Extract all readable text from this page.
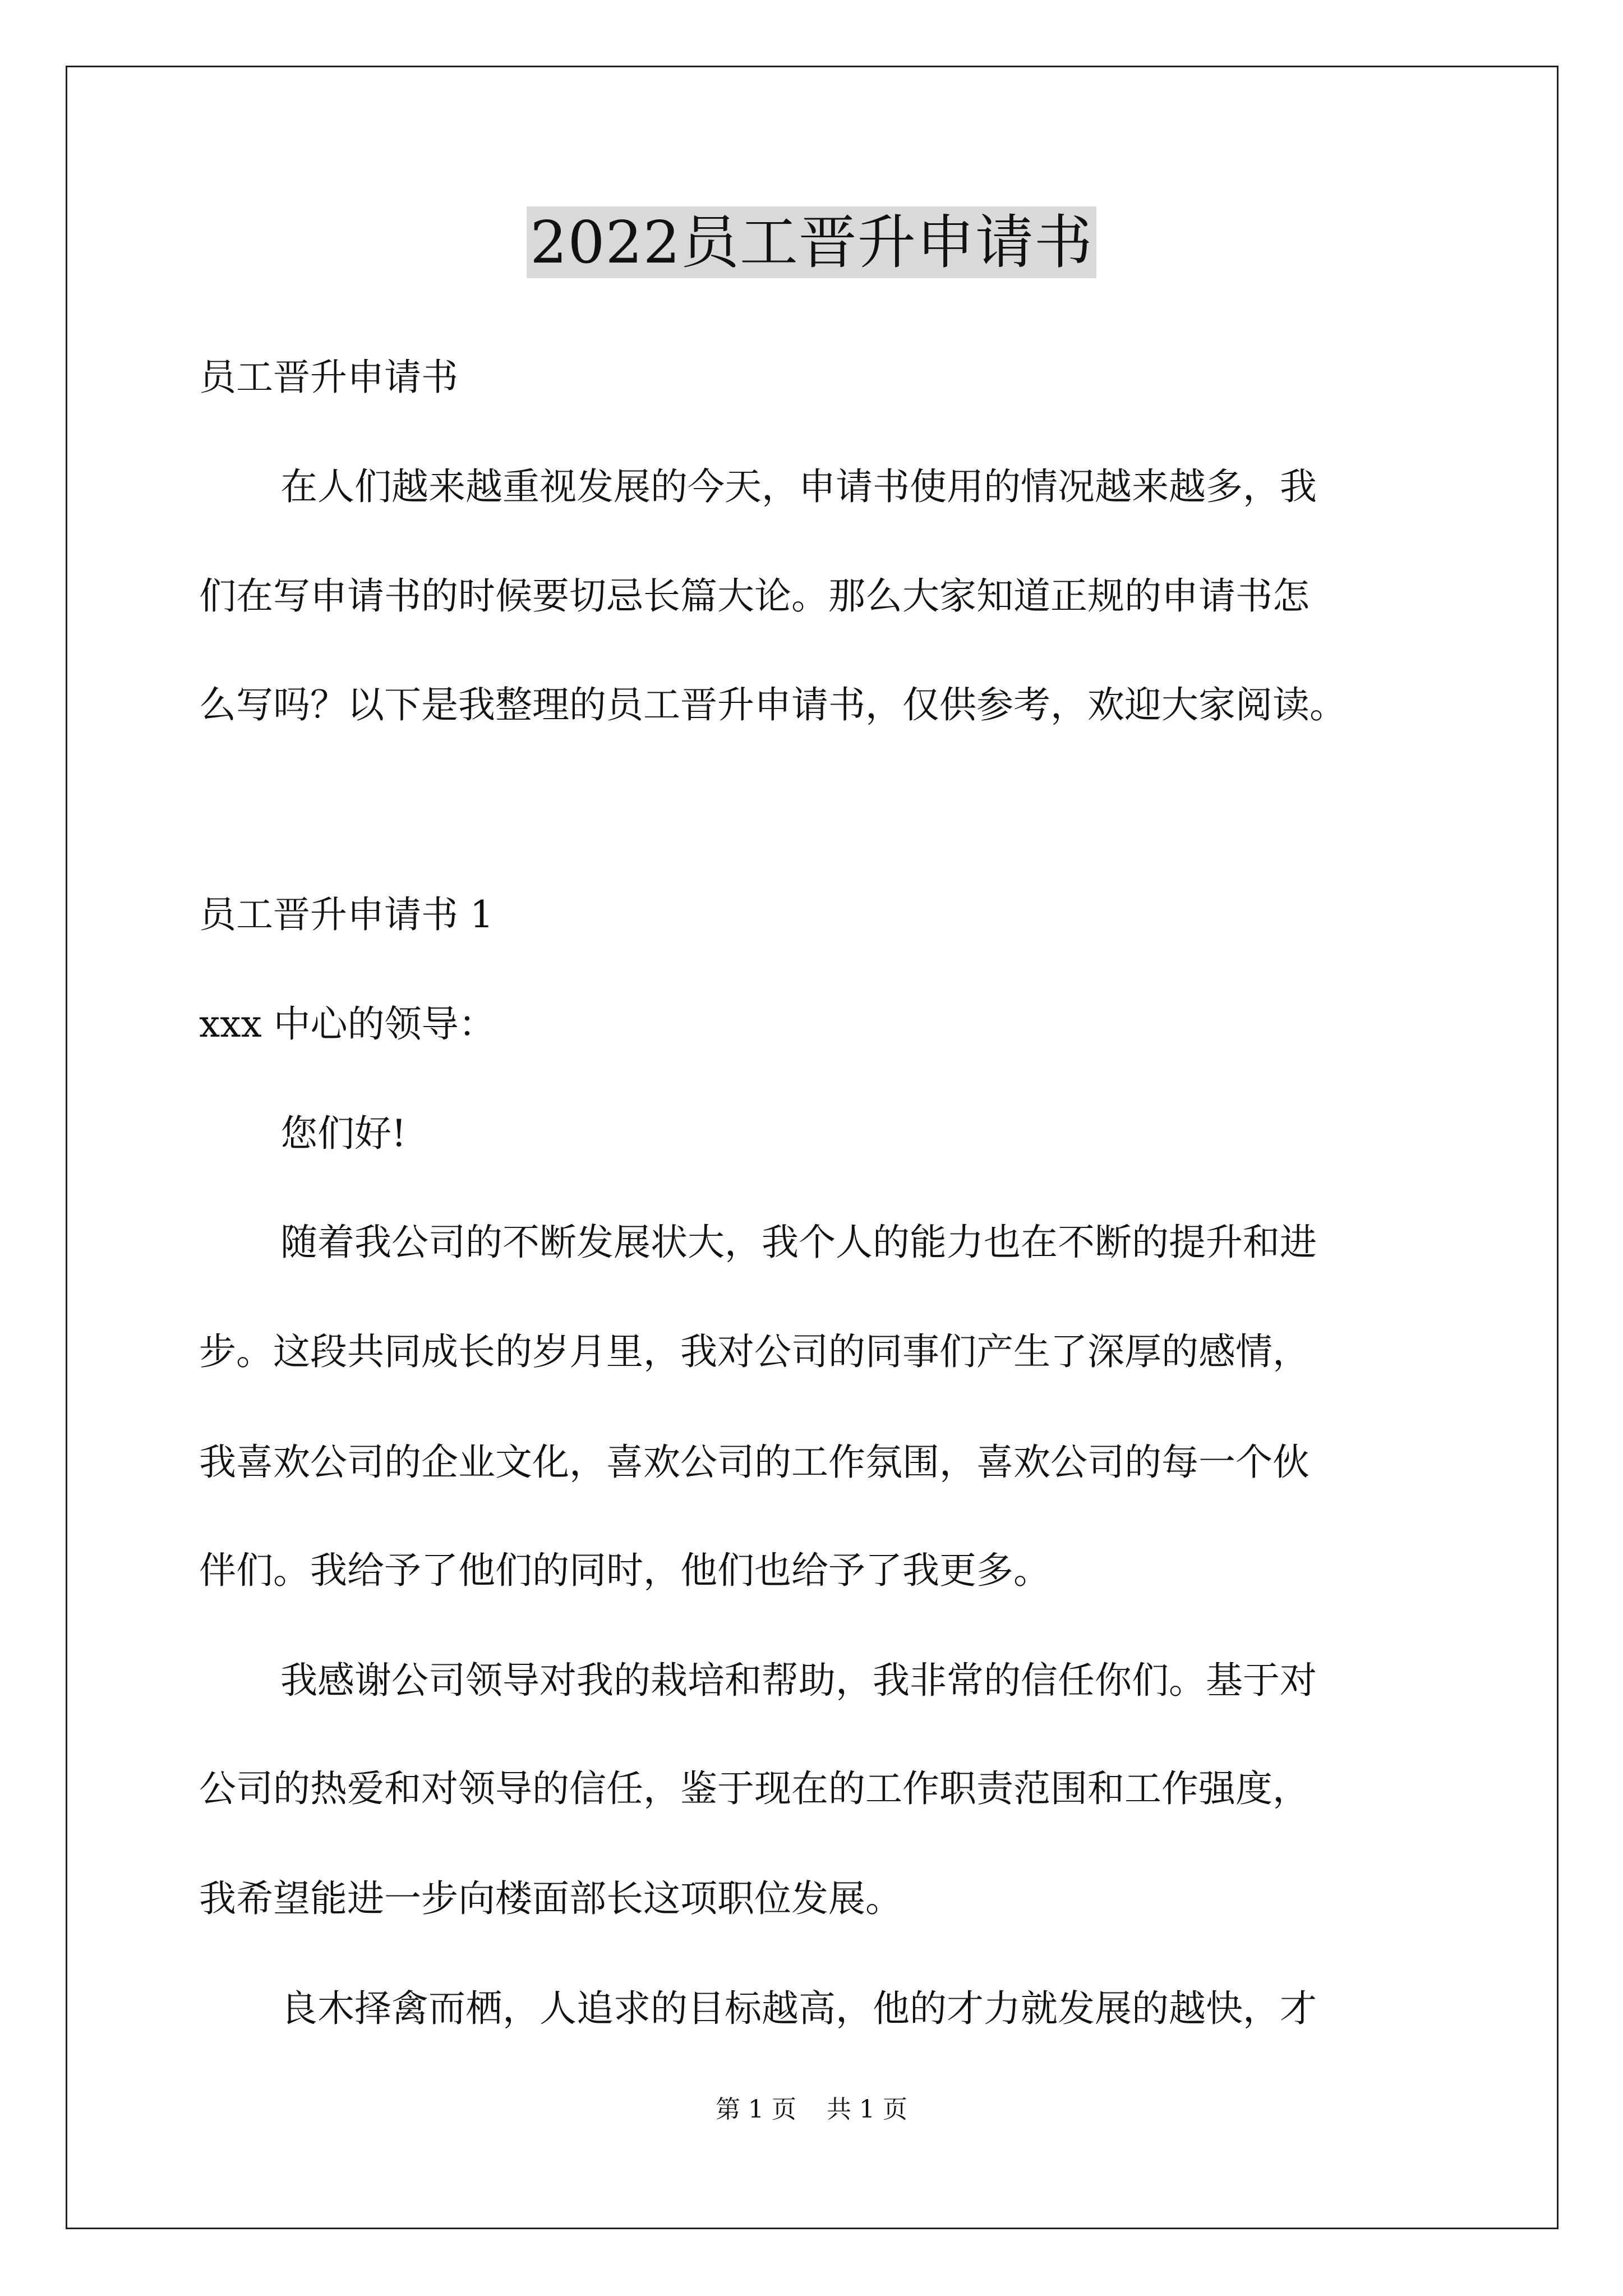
2022员工晋升申请书
员工晋升申请书
在人们越来越重视发展的今天，申请书使用的情况越来越多，我
们在写申请书的时候要切忌长篇大论。那么大家知道正规的申请书怎
么写吗？以下是我整理的员工晋升申请书，仅供参考，欢迎大家阅读。
员工晋升申请书 1
xxx 中心的领导：
您们好!
随着我公司的不断发展状大，我个人的能力也在不断的提升和进
步。这段共同成长的岁月里，我对公司的同事们产生了深厚的感情，
我喜欢公司的企业文化，喜欢公司的工作氛围，喜欢公司的每一个伙
伴们。我给予了他们的同时，他们也给予了我更多。
我感谢公司领导对我的栽培和帮助，我非常的信任你们。基于对
公司的热爱和对领导的信任，鉴于现在的工作职责范围和工作强度，
我希望能进一步向楼面部长这项职位发展。
良木择禽而栖，人追求的目标越高，他的才力就发展的越快，才
第 1 页 共 1 页
